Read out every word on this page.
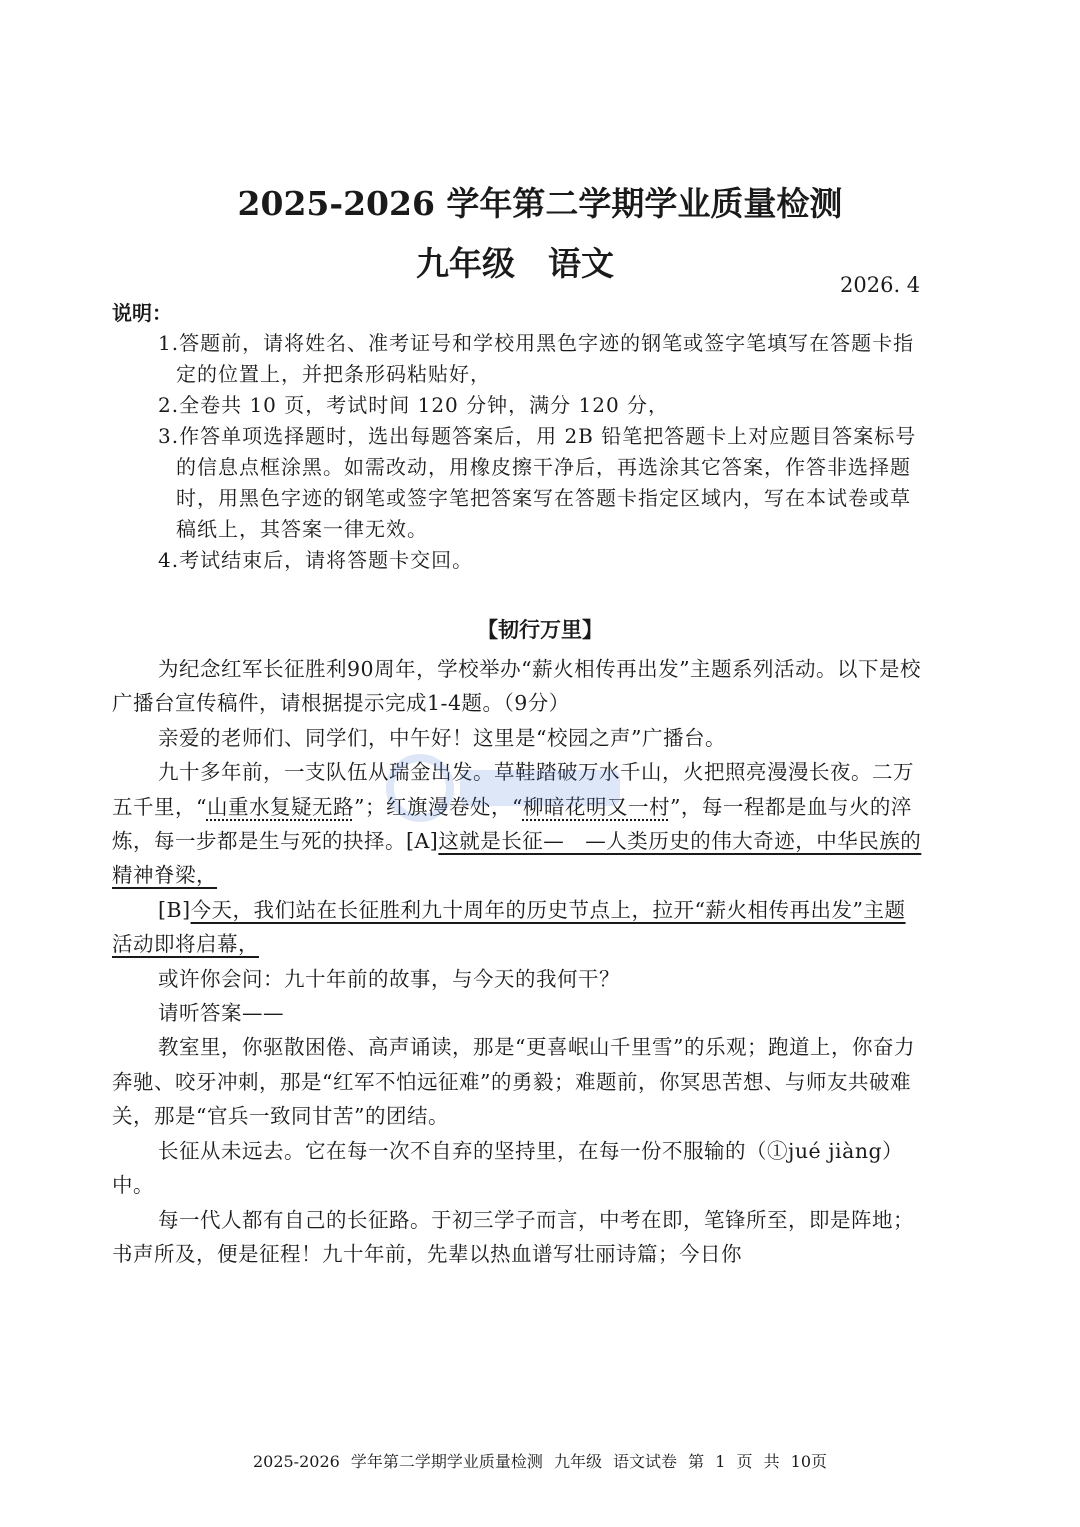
2025-2026 学年第二学期学业质量检测
九年级　语文
2026. 4
说明：
1.答题前，请将姓名、准考证号和学校用黑色字迹的钢笔或签字笔填写在答题卡指定的位置上，并把条形码粘贴好，
2.全卷共 10 页，考试时间 120 分钟，满分 120 分，
3.作答单项选择题时，选出每题答案后，用 2B 铅笔把答题卡上对应题目答案标号的信息点框涂黑。如需改动，用橡皮擦干净后，再选涂其它答案，作答非选择题时，用黑色字迹的钢笔或签字笔把答案写在答题卡指定区域内，写在本试卷或草稿纸上，其答案一律无效。
4.考试结束后，请将答题卡交回。
【韧行万里】

为纪念红军长征胜利90周年，学校举办“薪火相传再出发”主题系列活动。以下是校广播台宣传稿件，请根据提示完成1-4题。（9分）

亲爱的老师们、同学们，中午好！这里是“校园之声”广播台。

九十多年前，一支队伍从瑞金出发。草鞋踏破万水千山，火把照亮漫漫长夜。二万五千里，“山重水复疑无路”；红旗漫卷处，“柳暗花明又一村”，每一程都是血与火的淬炼，每一步都是生与死的抉择。[A]这就是长征—　—人类历史的伟大奇迹，中华民族的精神脊梁，

[B]今天，我们站在长征胜利九十周年的历史节点上，拉开“薪火相传再出发”主题活动即将启幕，

或许你会问：九十年前的故事，与今天的我何干？

请听答案——

教室里，你驱散困倦、高声诵读，那是“更喜岷山千里雪”的乐观；跑道上，你奋力奔驰、咬牙冲刺，那是“红军不怕远征难”的勇毅；难题前，你冥思苦想、与师友共破难关，那是“官兵一致同甘苦”的团结。

长征从未远去。它在每一次不自弃的坚持里，在每一份不服输的（①jué jiàng）中。

每一代人都有自己的长征路。于初三学子而言，中考在即，笔锋所至，即是阵地；书声所及，便是征程！九十年前，先辈以热血谱写壮丽诗篇；今日你

2025-2026 学年第二学期学业质量检测 九年级 语文试卷 第 1 页 共 10页
